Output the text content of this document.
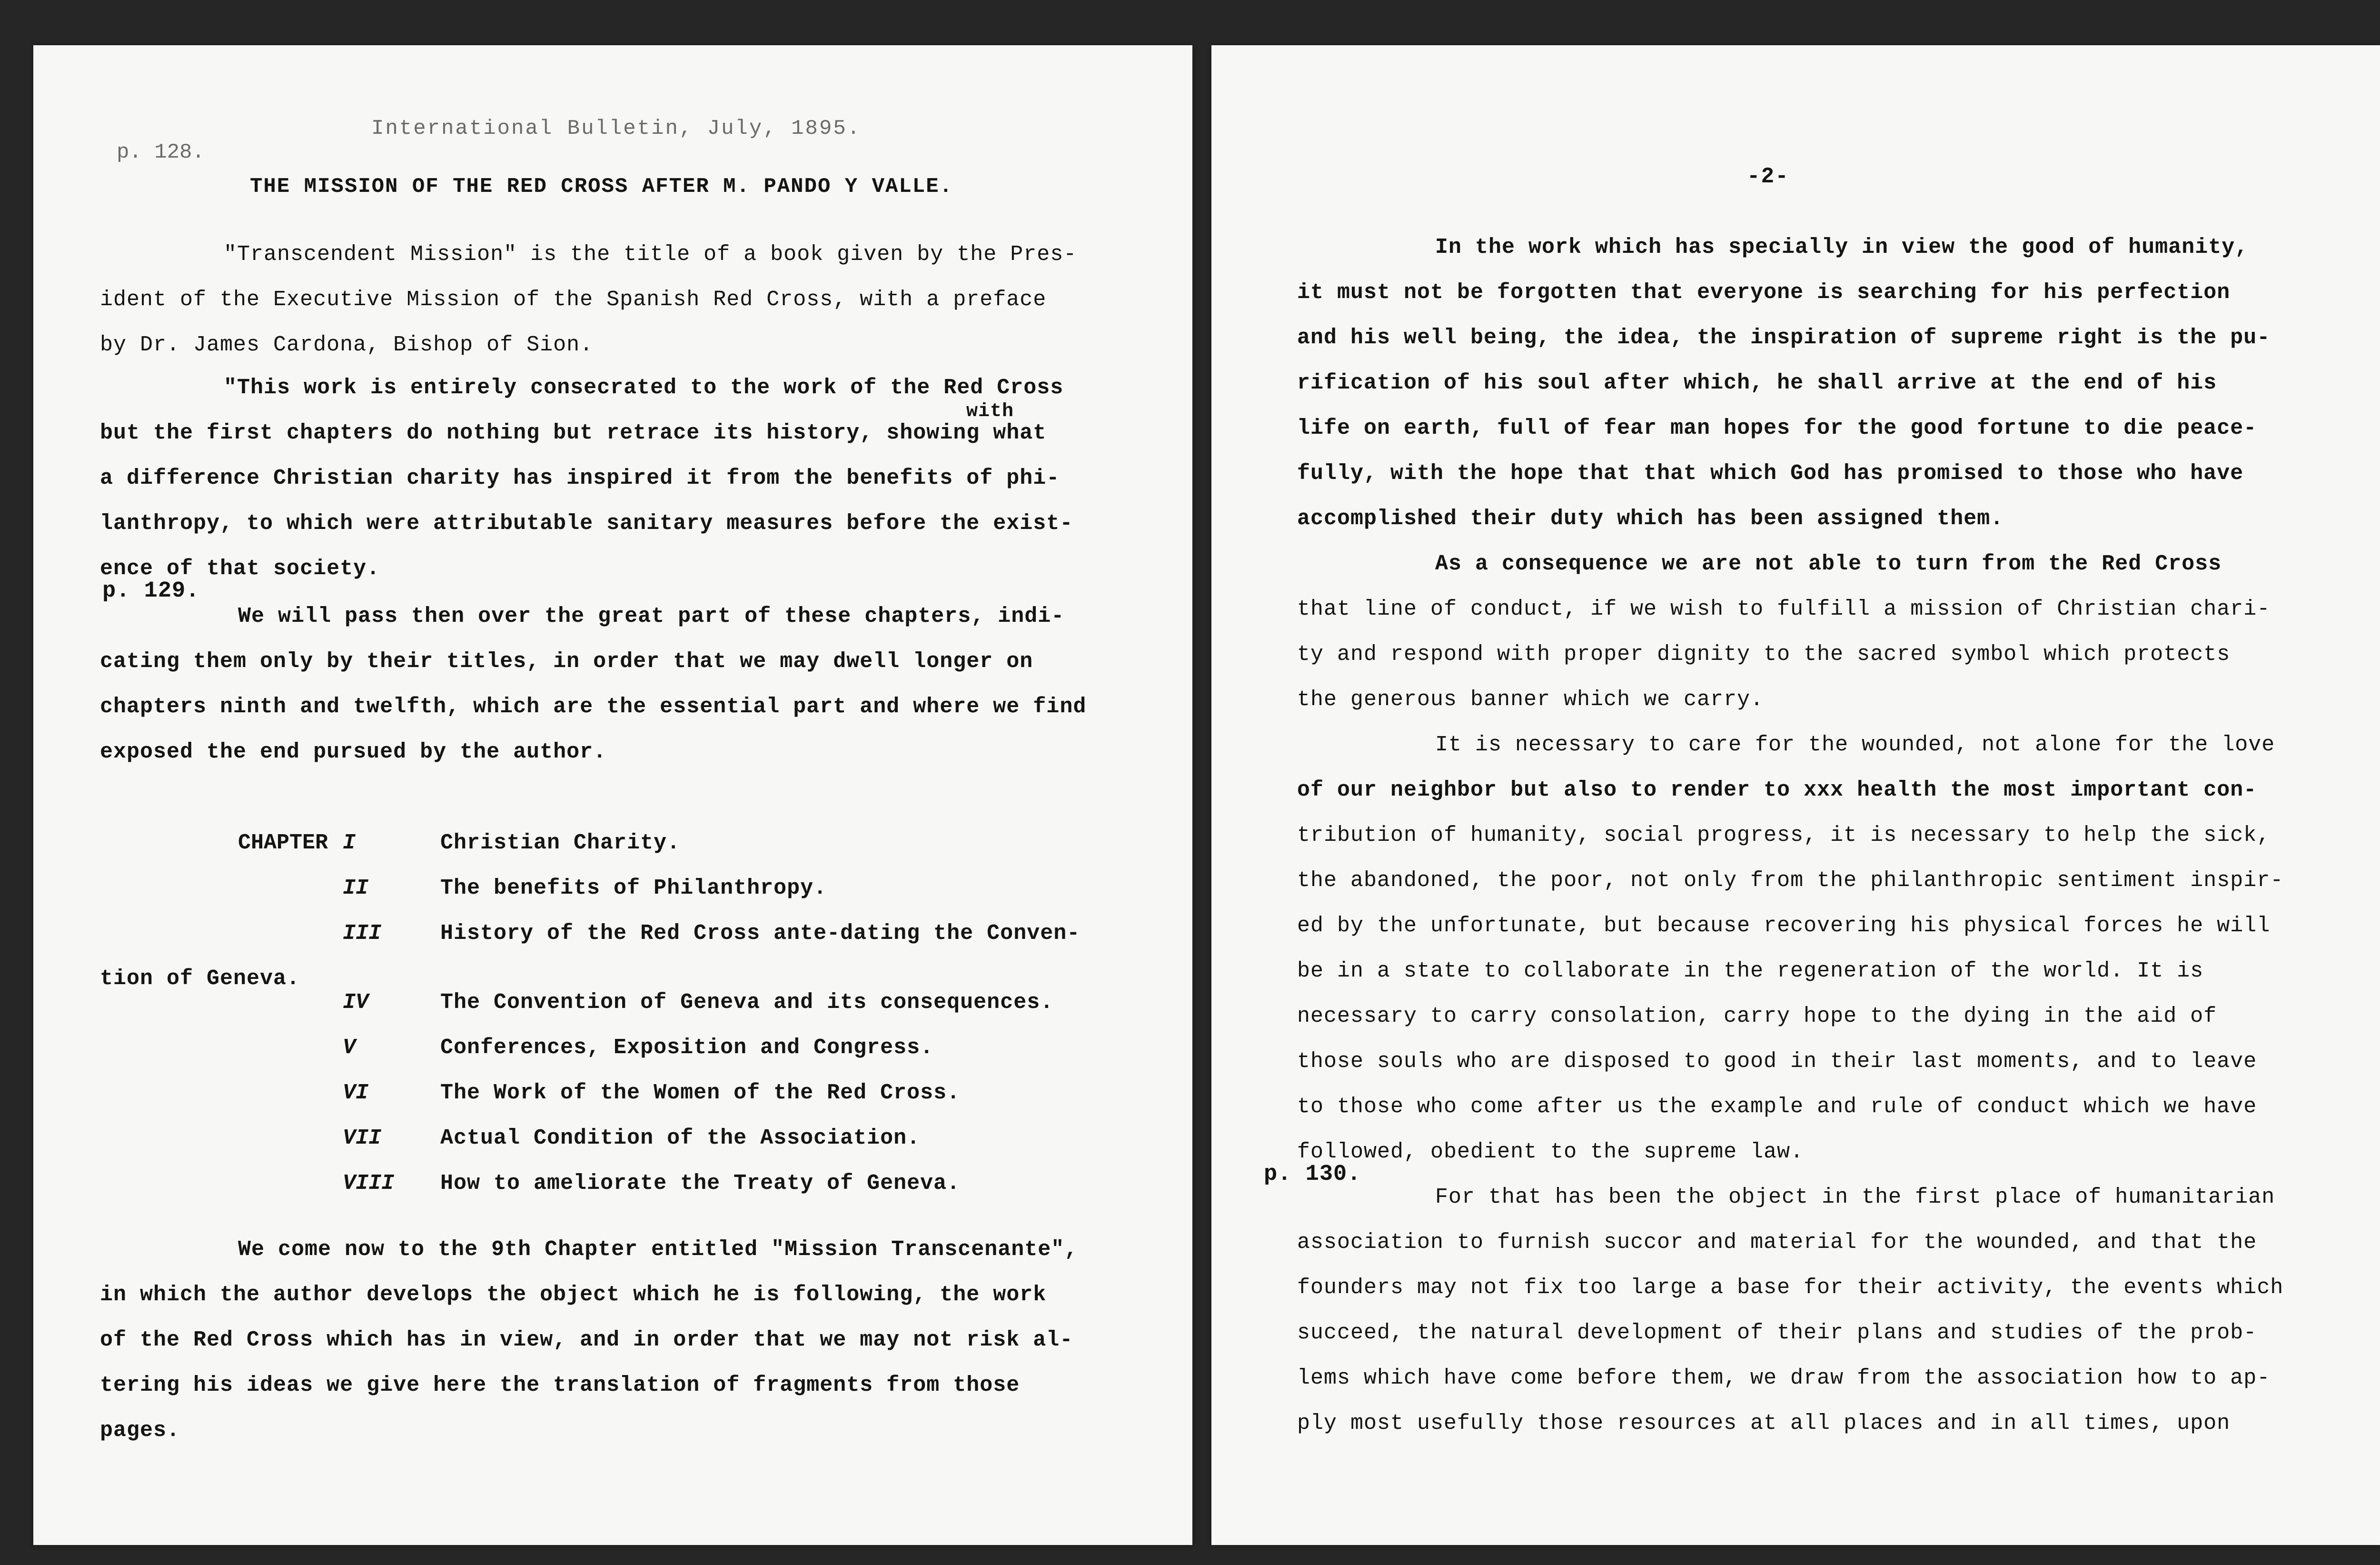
International Bulletin, July, 1895.
p. 128.
THE MISSION OF THE RED CROSS AFTER M. PANDO Y VALLE.
"Transcendent Mission" is the title of a book given by the Pres-
ident of the Executive Mission of the Spanish Red Cross, with a preface
by Dr. James Cardona, Bishop of Sion.
"This work is entirely consecrated to the work of the Red Cross
with
but the first chapters do nothing but retrace its history, showing what
a difference Christian charity has inspired it from the benefits of phi-
lanthropy, to which were attributable sanitary measures before the exist-
ence of that society.
p. 129.
We will pass then over the great part of these chapters, indi-
cating them only by their titles, in order that we may dwell longer on
chapters ninth and twelfth, which are the essential part and where we find
exposed the end pursued by the author.
CHAPTER I	Christian Charity.
II	The benefits of Philanthropy.
III	History of the Red Cross ante-dating the Conven-
tion of Geneva.
IV	The Convention of Geneva and its consequences.
V	Conferences, Exposition and Congress.
VI	The Work of the Women of the Red Cross.
VII	Actual Condition of the Association.
VIII How to ameliorate the Treaty of Geneva.
We come now to the 9th Chapter entitled "Mission Transcenante",
in which the author develops the object which he is following, the work
of the Red Cross which has in view, and in order that we may not risk al-
tering his ideas we give here the translation of fragments from those
pages.
-2-
In the work which has specially in view the good of humanity,
it must not be forgotten that everyone is searching for his perfection
and his well being, the idea, the inspiration of supreme right is the pu-
rification of his soul after which, he shall arrive at the end of his
life on earth, full of fear man hopes for the good fortune to die peace-
fully, with the hope that that which God has promised to those who have
accomplished their duty which has been assigned them.
As a consequence we are not able to turn from the Red Cross
that line of conduct, if we wish to fulfill a mission of Christian chari-
ty and respond with proper dignity to the sacred symbol which protects
the generous banner which we carry.
It is necessary to care for the wounded, not alone for the love
of our neighbor but also to render to xxx health the most important con-
tribution of humanity, social progress, it is necessary to help the sick,
the abandoned, the poor, not only from the philanthropic sentiment inspir-
ed by the unfortunate, but because recovering his physical forces he will
be in a state to collaborate in the regeneration of the world. It is
necessary to carry consolation, carry hope to the dying in the aid of
those souls who are disposed to good in their last moments, and to leave
to those who come after us the example and rule of conduct which we have
followed, obedient to the supreme law.
p. 130.
For that has been the object in the first place of humanitarian
association to furnish succor and material for the wounded, and that the
founders may not fix too large a base for their activity, the events which
succeed, the natural development of their plans and studies of the prob-
lems which have come before them, we draw from the association how to ap-
ply most usefully those resources at all places and in all times, upon
